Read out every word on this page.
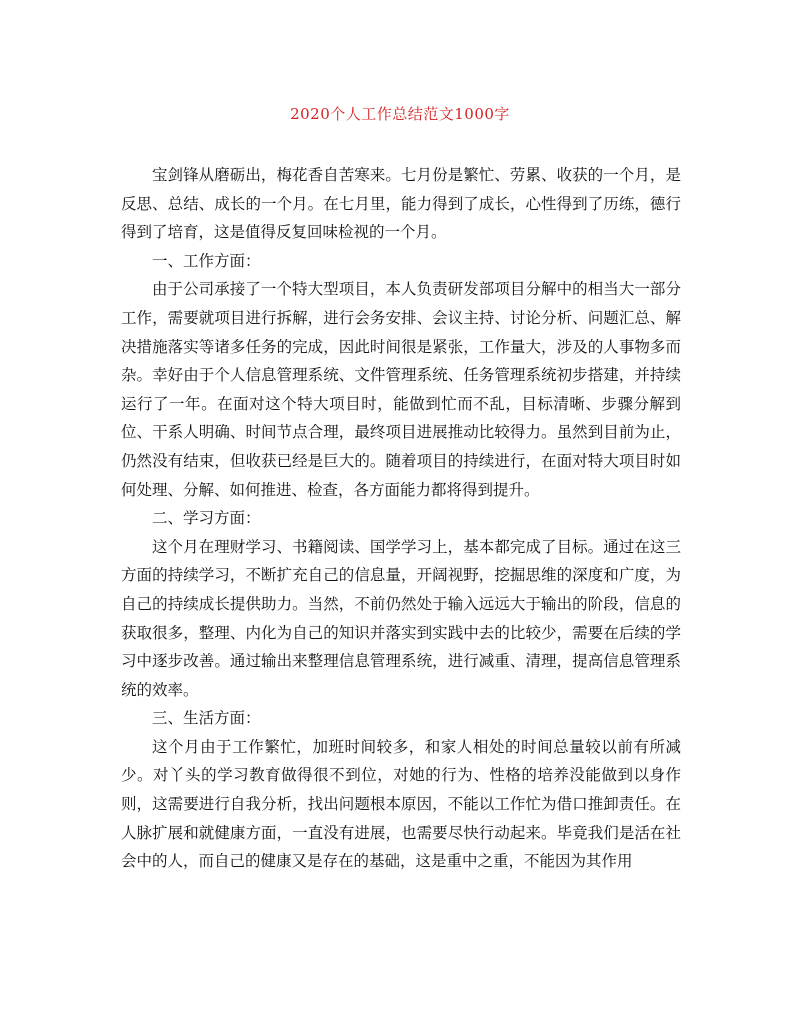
2020个人工作总结范文1000字

宝剑锋从磨砺出，梅花香自苦寒来。七月份是繁忙、劳累、收获的一个月，是反思、总结、成长的一个月。在七月里，能力得到了成长，心性得到了历练，德行得到了培育，这是值得反复回味检视的一个月。

一、工作方面：

由于公司承接了一个特大型项目，本人负责研发部项目分解中的相当大一部分工作，需要就项目进行拆解，进行会务安排、会议主持、讨论分析、问题汇总、解决措施落实等诸多任务的完成，因此时间很是紧张，工作量大，涉及的人事物多而杂。幸好由于个人信息管理系统、文件管理系统、任务管理系统初步搭建，并持续运行了一年。在面对这个特大项目时，能做到忙而不乱，目标清晰、步骤分解到位、干系人明确、时间节点合理，最终项目进展推动比较得力。虽然到目前为止，仍然没有结束，但收获已经是巨大的。随着项目的持续进行，在面对特大项目时如何处理、分解、如何推进、检查，各方面能力都将得到提升。

二、学习方面：

这个月在理财学习、书籍阅读、国学学习上，基本都完成了目标。通过在这三方面的持续学习，不断扩充自己的信息量，开阔视野，挖掘思维的深度和广度，为自己的持续成长提供助力。当然，不前仍然处于输入远远大于输出的阶段，信息的获取很多，整理、内化为自己的知识并落实到实践中去的比较少，需要在后续的学习中逐步改善。通过输出来整理信息管理系统，进行减重、清理，提高信息管理系统的效率。

三、生活方面：

这个月由于工作繁忙，加班时间较多，和家人相处的时间总量较以前有所减少。对丫头的学习教育做得很不到位，对她的行为、性格的培养没能做到以身作则，这需要进行自我分析，找出问题根本原因，不能以工作忙为借口推卸责任。在人脉扩展和就健康方面，一直没有进展，也需要尽快行动起来。毕竟我们是活在社会中的人，而自己的健康又是存在的基础，这是重中之重，不能因为其作用
